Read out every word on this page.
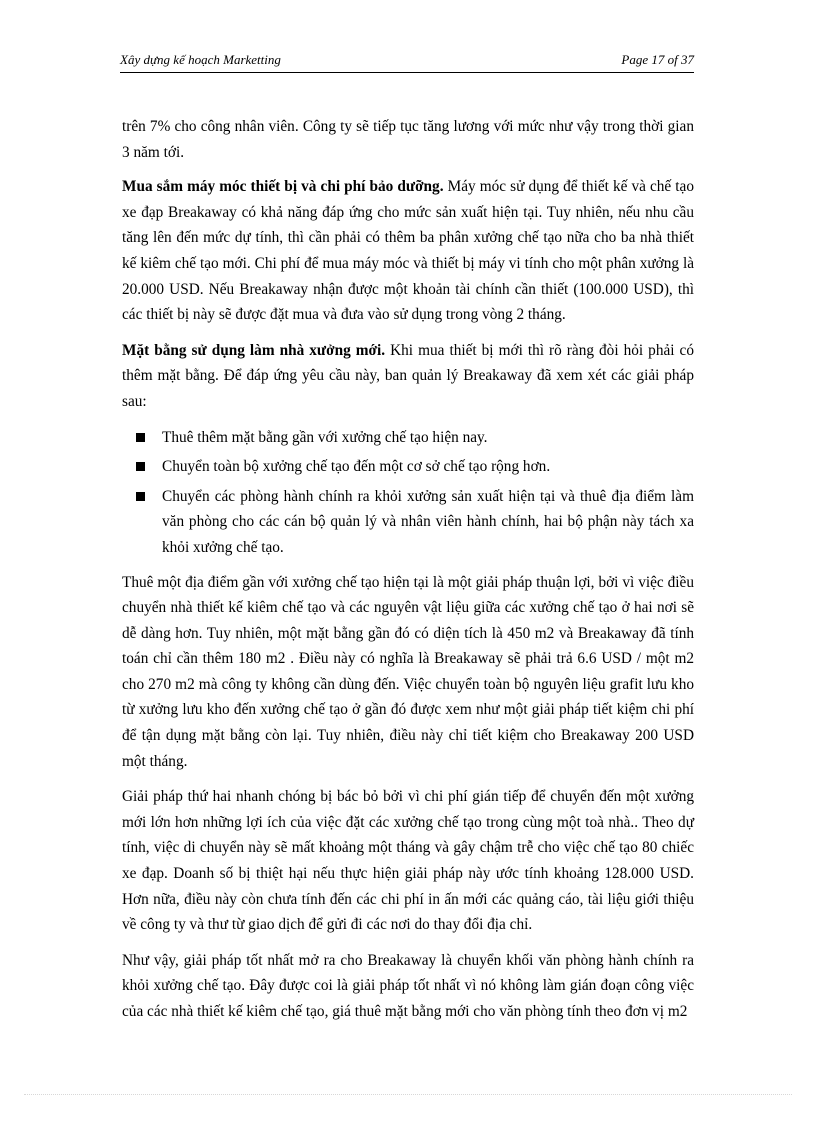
Xây dựng kế hoạch Marketting	Page 17 of 37

trên 7% cho công nhân viên. Công ty sẽ tiếp tục tăng lương với mức như vậy trong thời gian 3 năm tới.

Mua sắm máy móc thiết bị và chi phí bảo dưỡng. Máy móc sử dụng để thiết kế và chế tạo xe đạp Breakaway có khả năng đáp ứng cho mức sản xuất hiện tại. Tuy nhiên, nếu nhu cầu tăng lên đến mức dự tính, thì cần phải có thêm ba phân xưởng chế tạo nữa cho ba nhà thiết kế kiêm chế tạo mới. Chi phí để mua máy móc và thiết bị máy vi tính cho một phân xưởng là 20.000 USD. Nếu Breakaway nhận được một khoản tài chính cần thiết (100.000 USD), thì các thiết bị này sẽ được đặt mua và đưa vào sử dụng trong vòng 2 tháng.

Mặt bằng sử dụng làm nhà xưởng mới. Khi mua thiết bị mới thì rõ ràng đòi hỏi phải có thêm mặt bằng. Để đáp ứng yêu cầu này, ban quản lý Breakaway đã xem xét các giải pháp sau:

Thuê thêm mặt bằng gần với xưởng chế tạo hiện nay.
Chuyển toàn bộ xưởng chế tạo đến một cơ sở chế tạo rộng hơn.
Chuyển các phòng hành chính ra khỏi xưởng sản xuất hiện tại và thuê địa điểm làm văn phòng cho các cán bộ quản lý và nhân viên hành chính, hai bộ phận này tách xa khỏi xưởng chế tạo.

Thuê một địa điểm gần với xưởng chế tạo hiện tại là một giải pháp thuận lợi, bởi vì việc điều chuyển nhà thiết kế kiêm chế tạo và các nguyên vật liệu giữa các xưởng chế tạo ở hai nơi sẽ dễ dàng hơn. Tuy nhiên, một mặt bằng gần đó có diện tích là 450 m2 và Breakaway đã tính toán chỉ cần thêm 180 m2 . Điều này có nghĩa là Breakaway sẽ phải trả 6.6 USD / một m2 cho 270 m2 mà công ty không cần dùng đến. Việc chuyển toàn bộ nguyên liệu grafit lưu kho từ xưởng lưu kho đến xưởng chế tạo ở gần đó được xem như một giải pháp tiết kiệm chi phí để tận dụng mặt bằng còn lại. Tuy nhiên, điều này chỉ tiết kiệm cho Breakaway 200 USD một tháng.

Giải pháp thứ hai nhanh chóng bị bác bỏ bởi vì chi phí gián tiếp để chuyển đến một xưởng mới lớn hơn những lợi ích của việc đặt các xưởng chế tạo trong cùng một toà nhà.. Theo dự tính, việc di chuyển này sẽ mất khoảng một tháng và gây chậm trễ cho việc chế tạo 80 chiếc xe đạp. Doanh số bị thiệt hại nếu thực hiện giải pháp này ước tính khoảng 128.000 USD. Hơn nữa, điều này còn chưa tính đến các chi phí in ấn mới các quảng cáo, tài liệu giới thiệu về công ty và thư từ giao dịch để gửi đi các nơi do thay đổi địa chỉ.

Như vậy, giải pháp tốt nhất mở ra cho Breakaway là chuyển khối văn phòng hành chính ra khỏi xưởng chế tạo. Đây được coi là giải pháp tốt nhất vì nó không làm gián đoạn công việc của các nhà thiết kế kiêm chế tạo, giá thuê mặt bằng mới cho văn phòng tính theo đơn vị m2
